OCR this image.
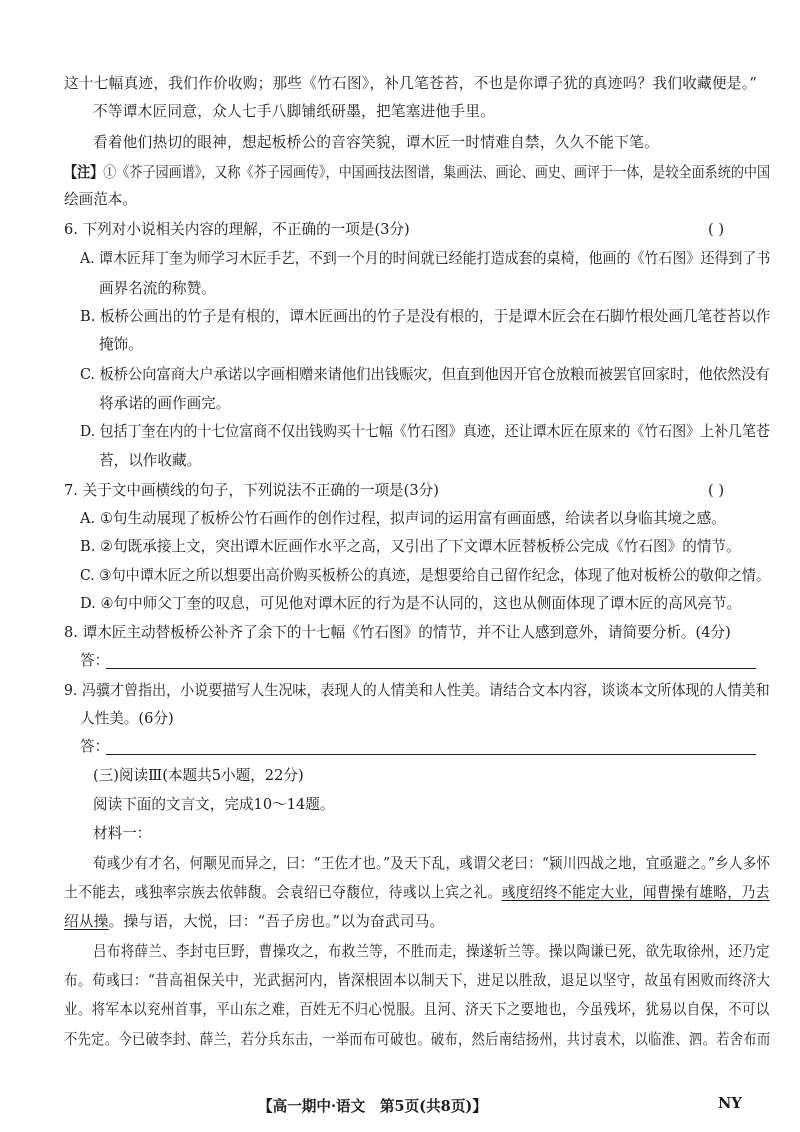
这十七幅真迹，我们作价收购；那些《竹石图》，补几笔苍苔，不也是你谭子犹的真迹吗？我们收藏便是。”
不等谭木匠同意，众人七手八脚铺纸研墨，把笔塞进他手里。
看着他们热切的眼神，想起板桥公的音容笑貌，谭木匠一时情难自禁，久久不能下笔。
【注】①《芥子园画谱》，又称《芥子园画传》，中国画技法图谱，集画法、画论、画史、画评于一体，是较全面系统的中国
绘画范本。
6. 下列对小说相关内容的理解，不正确的一项是(3分)	( )
A. 谭木匠拜丁奎为师学习木匠手艺，不到一个月的时间就已经能打造成套的桌椅，他画的《竹石图》还得到了书
画界名流的称赞。
B. 板桥公画出的竹子是有根的，谭木匠画出的竹子是没有根的，于是谭木匠会在石脚竹根处画几笔苍苔以作
掩饰。
C. 板桥公向富商大户承诺以字画相赠来请他们出钱赈灾，但直到他因开官仓放粮而被罢官回家时，他依然没有
将承诺的画作画完。
D. 包括丁奎在内的十七位富商不仅出钱购买十七幅《竹石图》真迹，还让谭木匠在原来的《竹石图》上补几笔苍
苔，以作收藏。
7. 关于文中画横线的句子，下列说法不正确的一项是(3分)	( )
A. ①句生动展现了板桥公竹石画作的创作过程，拟声词的运用富有画面感，给读者以身临其境之感。
B. ②句既承接上文，突出谭木匠画作水平之高，又引出了下文谭木匠替板桥公完成《竹石图》的情节。
C. ③句中谭木匠之所以想要出高价购买板桥公的真迹，是想要给自己留作纪念，体现了他对板桥公的敬仰之情。
D. ④句中师父丁奎的叹息，可见他对谭木匠的行为是不认同的，这也从侧面体现了谭木匠的高风亮节。
8. 谭木匠主动替板桥公补齐了余下的十七幅《竹石图》的情节，并不让人感到意外，请简要分析。(4分)
答：
9. 冯骥才曾指出，小说要描写人生况味，表现人的人情美和人性美。请结合文本内容，谈谈本文所体现的人情美和
人性美。(6分)
答：
(三)阅读Ⅲ(本题共5小题，22分)
阅读下面的文言文，完成10～14题。
材料一：
荀彧少有才名，何颙见而异之，曰：“王佐才也。”及天下乱，彧谓父老曰：“颍川四战之地，宜亟避之。”乡人多怀
土不能去，彧独率宗族去依韩馥。会袁绍已夺馥位，待彧以上宾之礼。彧度绍终不能定大业，闻曹操有雄略，乃去
绍从操。操与语，大悦，曰：“吾子房也。”以为奋武司马。
吕布将薛兰、李封屯巨野，曹操攻之，布救兰等，不胜而走，操遂斩兰等。操以陶谦已死，欲先取徐州，还乃定
布。荀彧曰：“昔高祖保关中，光武据河内，皆深根固本以制天下，进足以胜敌，退足以坚守，故虽有困败而终济大
业。将军本以兖州首事，平山东之难，百姓无不归心悦服。且河、济天下之要地也，今虽残坏，犹易以自保，不可以
不先定。今已破李封、薛兰，若分兵东击，一举而布可破也。破布，然后南结扬州，共讨袁术，以临淮、泗。若舍布而
【高一期中·语文　第5页(共8页)】	NY
